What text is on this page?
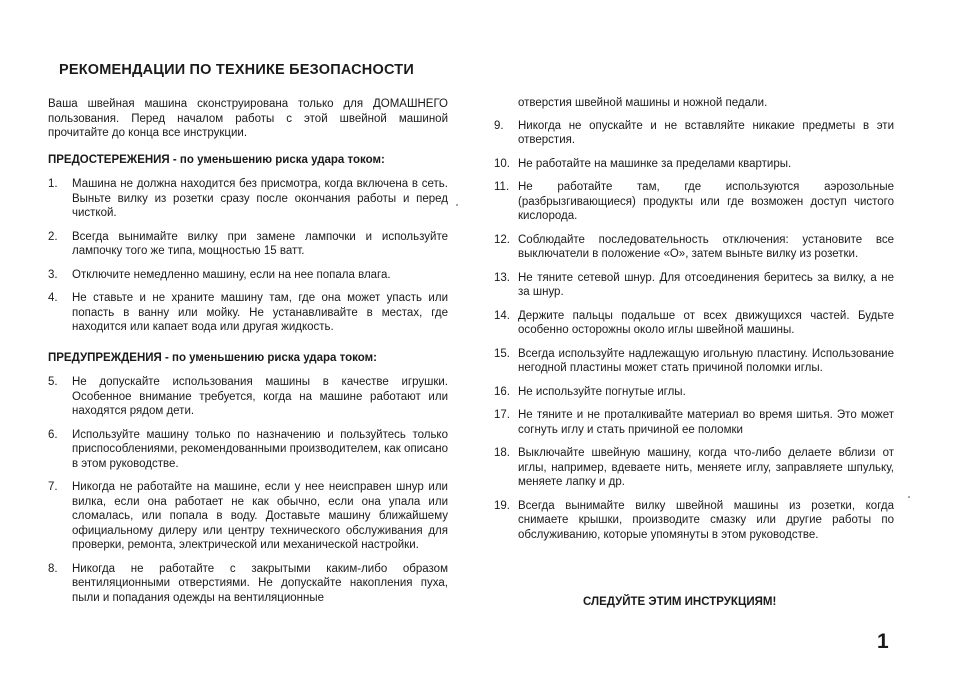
РЕКОМЕНДАЦИИ ПО ТЕХНИКЕ БЕЗОПАСНОСТИ

Ваша швейная машина сконструирована только для ДОМАШНЕГО пользования. Перед началом работы с этой швейной машиной прочитайте до конца все инструкции.

ПРЕДОСТЕРЕЖЕНИЯ - по уменьшению риска удара током:
1.	Машина не должна находится без присмотра, когда включена в сеть. Выньте вилку из розетки сразу после окончания работы и перед чисткой.
2.	Всегда вынимайте вилку при замене лампочки и используйте лампочку того же типа, мощностью 15 ватт.
3.	Отключите немедленно машину, если на нее попала влага.
4.	Не ставьте и не храните машину там, где она может упасть или попасть в ванну или мойку. Не устанавливайте в местах, где находится или капает вода или другая жидкость.
ПРЕДУПРЕЖДЕНИЯ - по уменьшению риска удара током:
5.	Не допускайте использования машины в качестве игрушки. Особенное внимание требуется, когда на машине работают или находятся рядом дети.
6.	Используйте машину только по назначению и пользуйтесь только приспособлениями, рекомендованными производителем, как описано в этом руководстве.
7.	Никогда не работайте на машине, если у нее неисправен шнур или вилка, если она работает не как обычно, если она упала или сломалась, или попала в воду. Доставьте машину ближайшему официальному дилеру или центру технического обслуживания для проверки, ремонта, электрической или механической настройки.
8.	Никогда не работайте с закрытыми каким-либо образом вентиляционными отверстиями. Не допускайте накопления пуха, пыли и попадания одежды на вентиляционные
отверстия швейной машины и ножной педали.
9.	Никогда не опускайте и не вставляйте никакие предметы в эти отверстия.
10. Не работайте на машинке за пределами квартиры.
11. Не работайте там, где используются аэрозольные (разбрызгивающиеся) продукты или где возможен доступ чистого кислорода.
12. Соблюдайте последовательность отключения: установите все выключатели в положение «О», затем выньте вилку из розетки.
13. Не тяните сетевой шнур. Для отсоединения беритесь за вилку, а не за шнур.
14. Держите пальцы подальше от всех движущихся частей. Будьте особенно осторожны около иглы швейной машины.
15. Всегда используйте надлежащую игольную пластину. Использование негодной пластины может стать причиной поломки иглы.
16. Не используйте погнутые иглы.
17. Не тяните и не проталкивайте материал во время шитья. Это может согнуть иглу и стать причиной ее поломки
18. Выключайте швейную машину, когда что-либо делаете вблизи от иглы, например, вдеваете нить, меняете иглу, заправляете шпульку, меняете лапку и др.
19. Всегда вынимайте вилку швейной машины из розетки, когда снимаете крышки, производите смазку или другие работы по обслуживанию, которые упомянуты в этом руководстве.
СЛЕДУЙТЕ ЭТИМ ИНСТРУКЦИЯМ!
1
